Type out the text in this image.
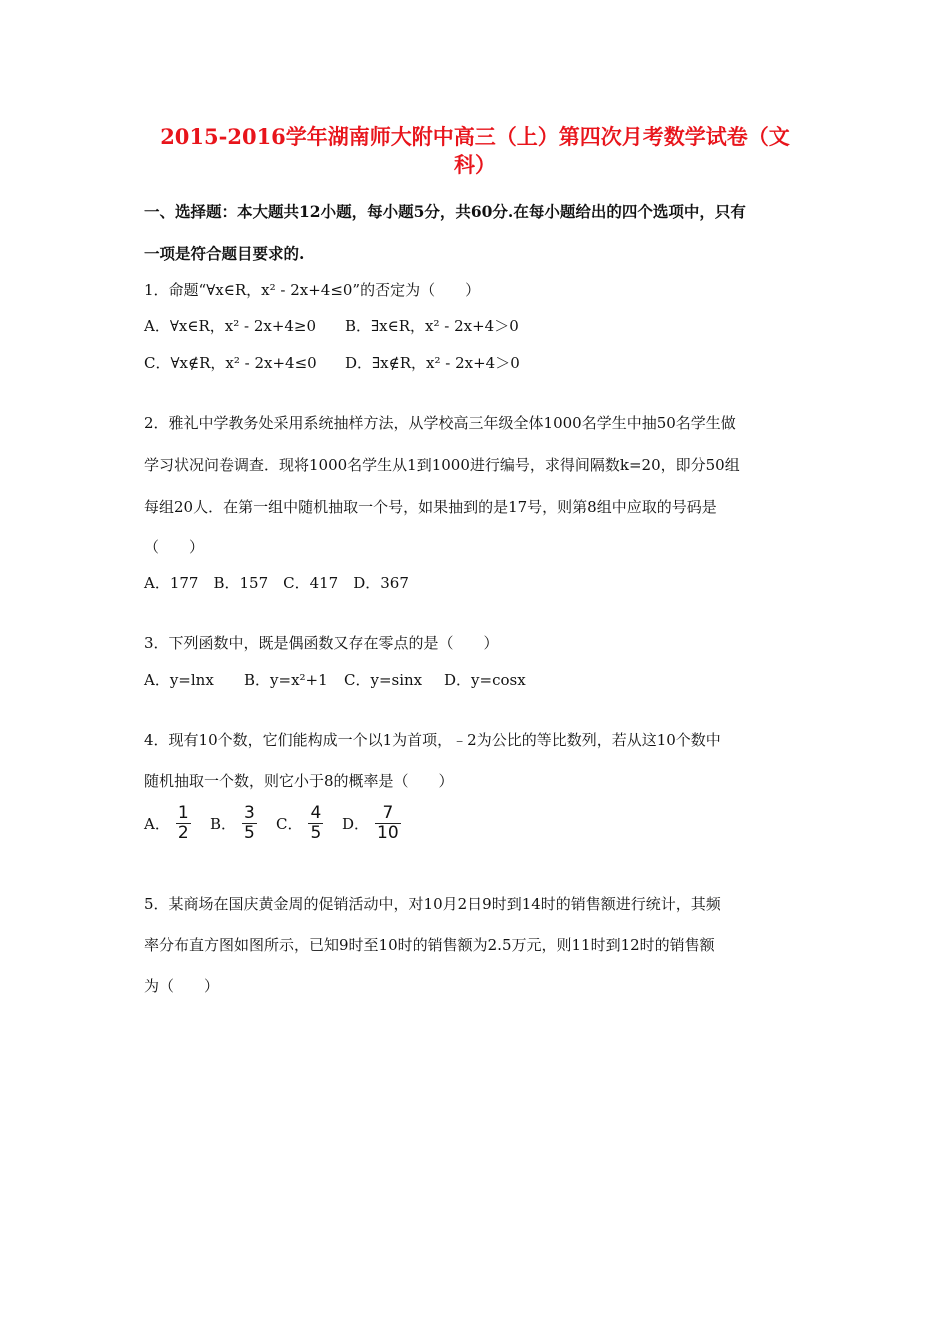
2015-2016学年湖南师大附中高三（上）第四次月考数学试卷（文
科）
一、选择题：本大题共12小题，每小题5分，共60分.在每小题给出的四个选项中，只有
一项是符合题目要求的.
1．命题“∀x∈R，x² - 2x+4≤0”的否定为（　　）
A．∀x∈R，x² - 2x+4≥0 B．∃x∈R，x² - 2x+4＞0
C．∀x∉R，x² - 2x+4≤0 D．∃x∉R，x² - 2x+4＞0
2．雅礼中学教务处采用系统抽样方法，从学校高三年级全体1000名学生中抽50名学生做
学习状况问卷调查．现将1000名学生从1到1000进行编号，求得间隔数k=20，即分50组
每组20人．在第一组中随机抽取一个号，如果抽到的是17号，则第8组中应取的号码是
（　　）
A．177　B．157　C．417　D．367
3．下列函数中，既是偶函数又存在零点的是（　　）
A．y=lnx B．y=x²+1 C．y=sinx D．y=cosx
4．现有10个数，它们能构成一个以1为首项，﹣2为公比的等比数列，若从这10个数中
随机抽取一个数，则它小于8的概率是（　　）
A． $\frac{1}{2}$ B． $\frac{3}{5}$ C． $\frac{4}{5}$ D． $\frac{7}{10}$
5．某商场在国庆黄金周的促销活动中，对10月2日9时到14时的销售额进行统计，其频
率分布直方图如图所示，已知9时至10时的销售额为2.5万元，则11时到12时的销售额
为（　　）
